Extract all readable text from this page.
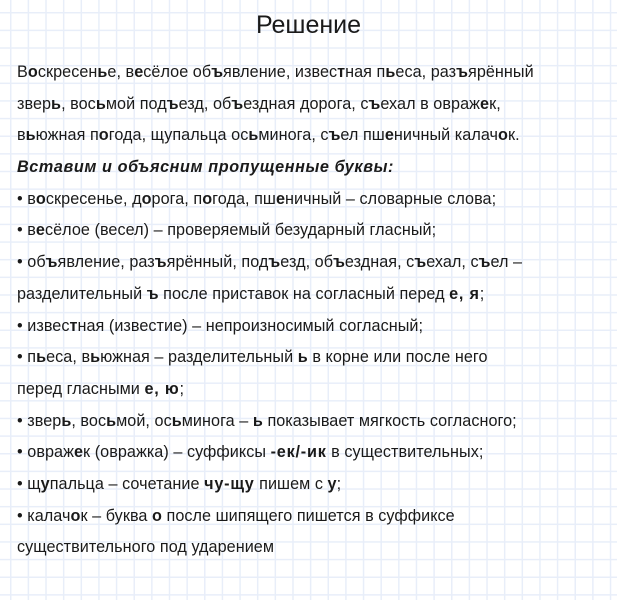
Решение
Воскресенье, весёлое объявление, известная пьеса, разъярённый
зверь, восьмой подъезд, объездная дорога, съехал в овражек,
вьюжная погода, щупальца осьминога, съел пшеничный калачок.
Вставим и объясним пропущенные буквы:
• воскресенье, дорога, погода, пшеничный – словарные слова;
• весёлое (весел) – проверяемый безударный гласный;
• объявление, разъярённый, подъезд, объездная, съехал, съел –
разделительный ъ после приставок на согласный перед е, я;
• известная (известие) – непроизносимый согласный;
• пьеса, вьюжная – разделительный ь в корне или после него
перед гласными е, ю;
• зверь, восьмой, осьминога – ь показывает мягкость согласного;
• овражек (овражка) – суффиксы -ек/-ик в существительных;
• щупальца – сочетание чу-щу пишем с у;
• калачок – буква о после шипящего пишется в суффиксе
существительного под ударением
